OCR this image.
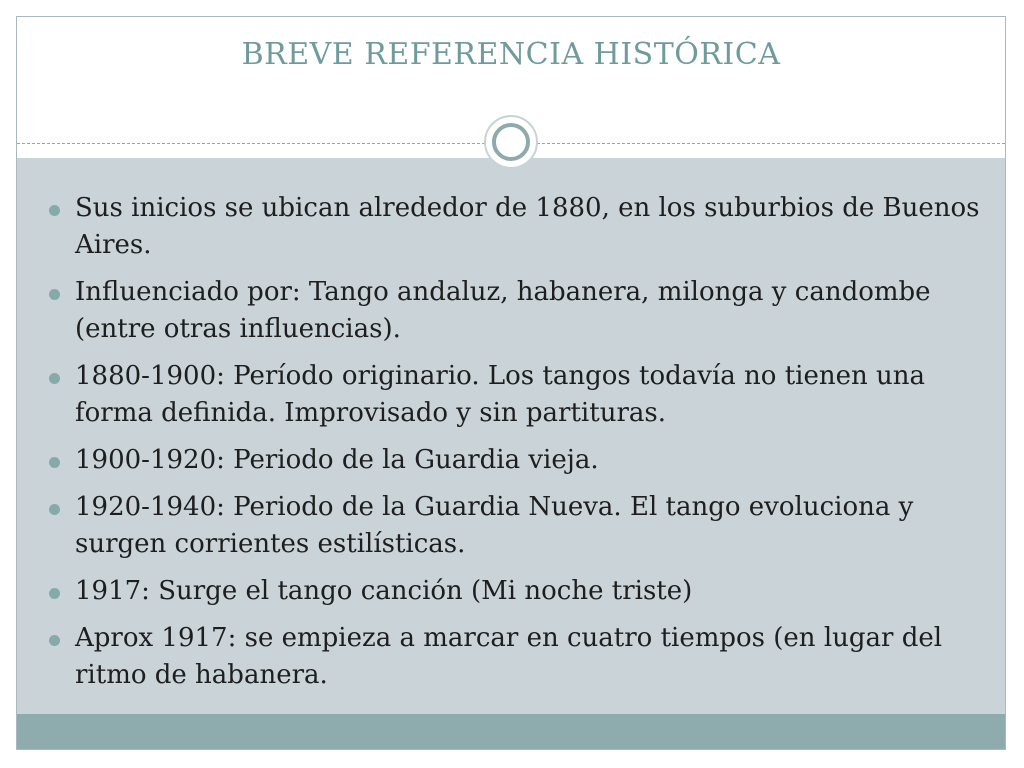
BREVE REFERENCIA HISTÓRICA
Sus inicios se ubican alrededor de 1880, en los suburbios de Buenos Aires.
Influenciado por: Tango andaluz, habanera, milonga y candombe (entre otras influencias).
1880-1900: Período originario. Los tangos todavía no tienen una forma definida. Improvisado y sin partituras.
1900-1920: Periodo de la Guardia vieja.
1920-1940: Periodo de la Guardia Nueva. El tango evoluciona y surgen corrientes estilísticas.
1917: Surge el tango canción (Mi noche triste)
Aprox 1917: se empieza a marcar en cuatro tiempos (en lugar del ritmo de habanera.
